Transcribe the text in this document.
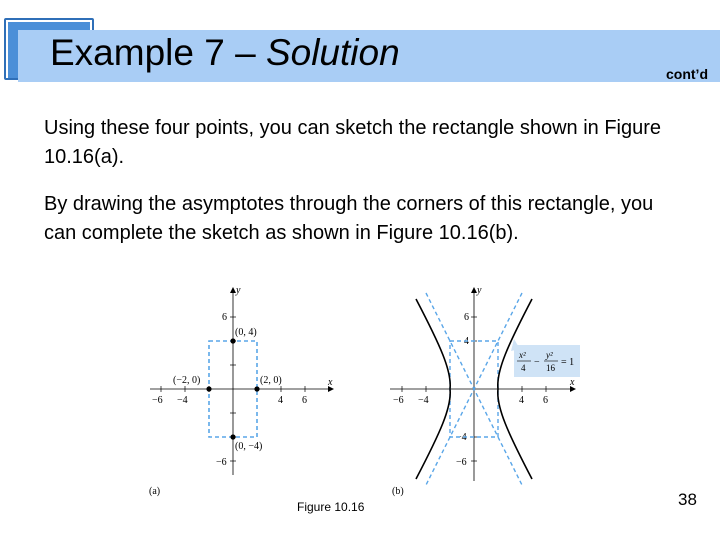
Example 7 – Solution
cont’d
Using these four points, you can sketch the rectangle shown in Figure 10.16(a).
By drawing the asymptotes through the corners of this rectangle, you can complete the sketch as shown in Figure 10.16(b).
x
y
−6 −4	4 6
6
−6
(0, 4)
(−2, 0)	(2, 0)
(0, −4)
(a)
x
y
−6 −4	4 6
6
4
−4
−6
x²
4 −
y²
16 = 1
(b)
Figure 10.16	38
